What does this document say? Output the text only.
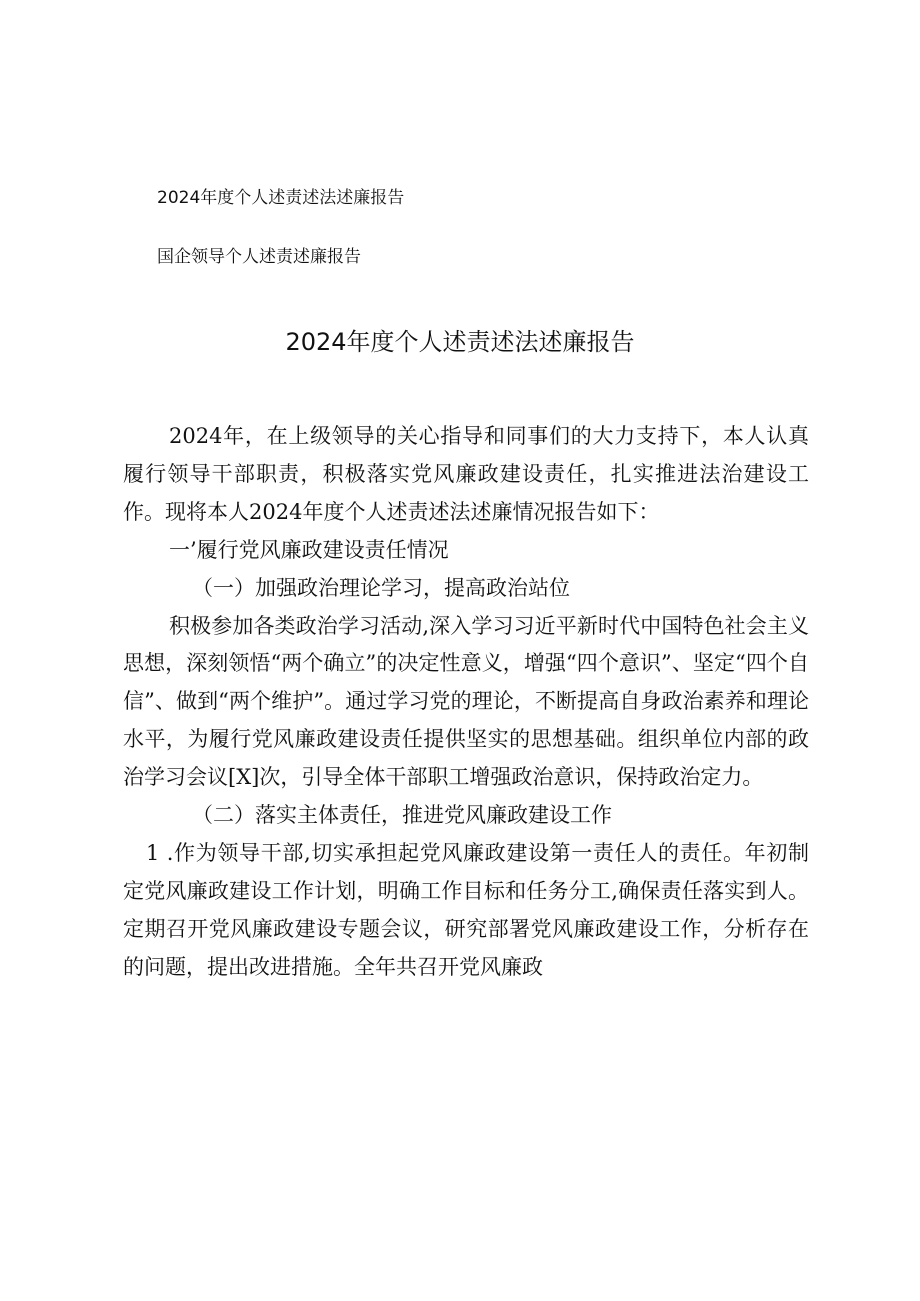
2024年度个人述责述法述廉报告
国企领导个人述责述廉报告
2024年度个人述责述法述廉报告

2024年，在上级领导的关心指导和同事们的大力支持下，本人认真履行领导干部职责，积极落实党风廉政建设责任，扎实推进法治建设工作。现将本人2024年度个人述责述法述廉情况报告如下：

一’履行党风廉政建设责任情况

（一）加强政治理论学习，提高政治站位

积极参加各类政治学习活动,深入学习习近平新时代中国特色社会主义思想，深刻领悟“两个确立”的决定性意义，增强“四个意识”、坚定“四个自信”、做到“两个维护”。通过学习党的理论，不断提高自身政治素养和理论水平，为履行党风廉政建设责任提供坚实的思想基础。组织单位内部的政治学习会议[X]次，引导全体干部职工增强政治意识，保持政治定力。

（二）落实主体责任，推进党风廉政建设工作

1 .作为领导干部,切实承担起党风廉政建设第一责任人的责任。年初制定党风廉政建设工作计划，明确工作目标和任务分工,确保责任落实到人。定期召开党风廉政建设专题会议，研究部署党风廉政建设工作，分析存在的问题，提出改进措施。全年共召开党风廉政
